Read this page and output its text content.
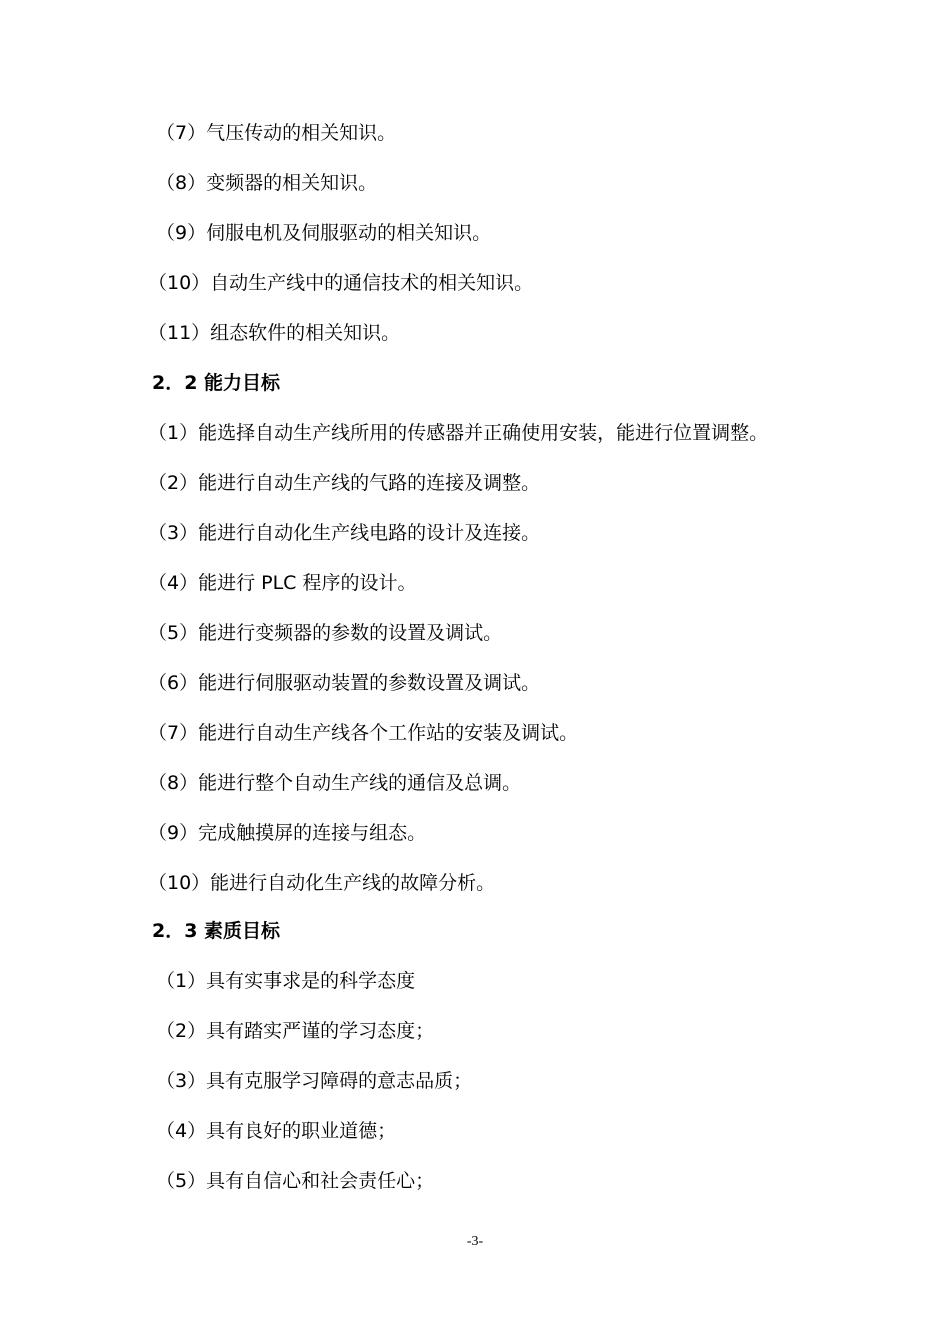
（7）气压传动的相关知识。
（8）变频器的相关知识。
（9）伺服电机及伺服驱动的相关知识。
（10）自动生产线中的通信技术的相关知识。
（11）组态软件的相关知识。
2．2 能力目标
（1）能选择自动生产线所用的传感器并正确使用安装，能进行位置调整。
（2）能进行自动生产线的气路的连接及调整。
（3）能进行自动化生产线电路的设计及连接。
（4）能进行 PLC 程序的设计。
（5）能进行变频器的参数的设置及调试。
（6）能进行伺服驱动装置的参数设置及调试。
（7）能进行自动生产线各个工作站的安装及调试。
（8）能进行整个自动生产线的通信及总调。
（9）完成触摸屏的连接与组态。
（10）能进行自动化生产线的故障分析。
2．3 素质目标
（1）具有实事求是的科学态度
（2）具有踏实严谨的学习态度；
（3）具有克服学习障碍的意志品质；
（4）具有良好的职业道德；
（5）具有自信心和社会责任心；
-3-
